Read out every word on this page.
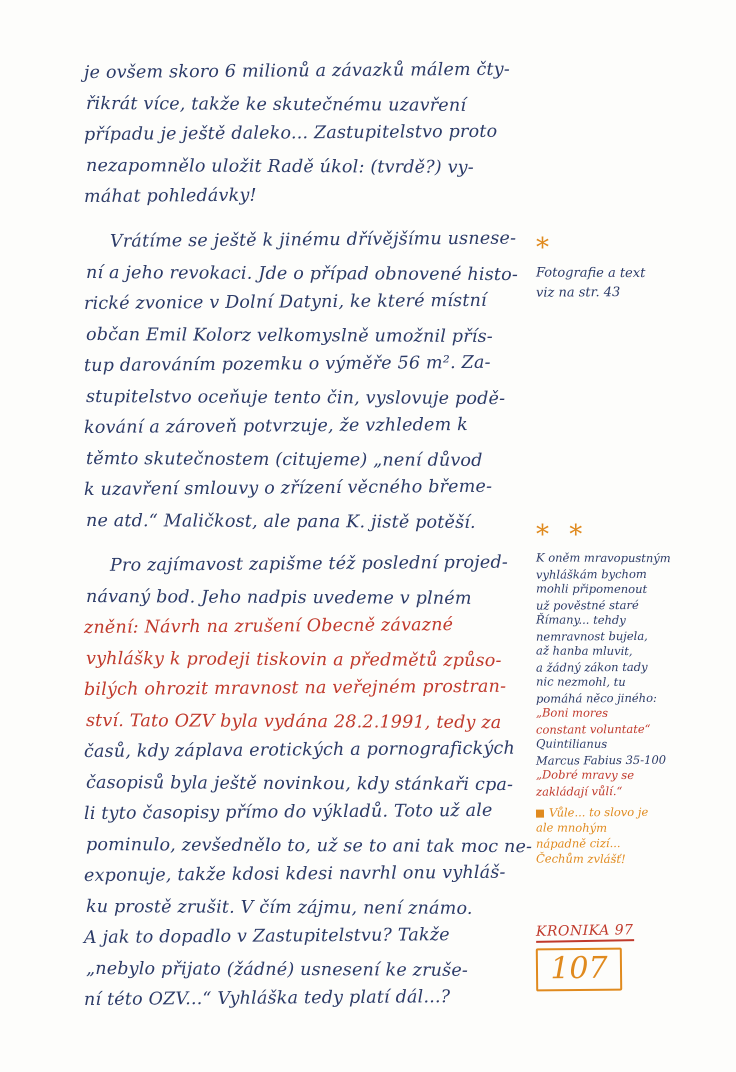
je ovšem skoro 6 milionů a závazků málem čty-
řikrát více, takže ke skutečnému uzavření
případu je ještě daleko... Zastupitelstvo proto
nezapomnělo uložit Radě úkol: (tvrdě?) vy-
máhat pohledávky!
Vrátíme se ještě k jinému dřívějšímu usnese-
ní a jeho revokaci. Jde o případ obnovené histo-
rické zvonice v Dolní Datyni, ke které místní
občan Emil Kolorz velkomyslně umožnil přís-
tup darováním pozemku o výměře 56 m². Za-
stupitelstvo oceňuje tento čin, vyslovuje podě-
kování a zároveň potvrzuje, že vzhledem k
těmto skutečnostem (citujeme) „není důvod
k uzavření smlouvy o zřízení věcného břeme-
ne atd.“ Maličkost, ale pana K. jistě potěší.
Pro zajímavost zapišme též poslední projed-
návaný bod. Jeho nadpis uvedeme v plném
znění: Návrh na zrušení Obecně závazné
vyhlášky k prodeji tiskovin a předmětů způso-
bilých ohrozit mravnost na veřejném prostran-
ství. Tato OZV byla vydána 28.2.1991, tedy za
časů, kdy záplava erotických a pornografických
časopisů byla ještě novinkou, kdy stánkaři cpa-
li tyto časopisy přímo do výkladů. Toto už ale
pominulo, zevšednělo to, už se to ani tak moc ne-
exponuje, takže kdosi kdesi navrhl onu vyhláš-
ku prostě zrušit. V čím zájmu, není známo.
A jak to dopadlo v Zastupitelstvu? Takže
„nebylo přijato (žádné) usnesení ke zruše-
ní této OZV...“ Vyhláška tedy platí dál...?
*
Fotografie a text
viz na str. 43
* *
K oněm mravopustným
vyhláškám bychom
mohli připomenout
už pověstné staré
Římany... tehdy
nemravnost bujela,
až hanba mluvit,
a žádný zákon tady
nic nezmohl, tu
pomáhá něco jiného:
„Boni mores
constant voluntate“
Quintilianus
Marcus Fabius 35-100
„Dobré mravy se
zakládají vůlí.“
Vůle... to slovo je
ale mnohým
nápadně cizí...
Čechům zvlášť!
KRONIKA 97
107
